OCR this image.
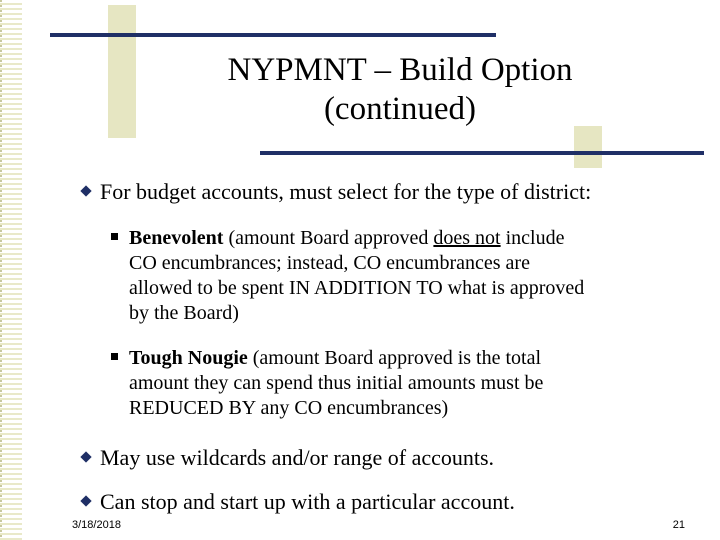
NYPMNT – Build Option
(continued)
For budget accounts, must select for the type of district:
Benevolent (amount Board approved does not include
CO encumbrances; instead, CO encumbrances are
allowed to be spent IN ADDITION TO what is approved
by the Board)
Tough Nougie (amount Board approved is the total
amount they can spend thus initial amounts must be
REDUCED BY any CO encumbrances)
May use wildcards and/or range of accounts.
Can stop and start up with a particular account.
3/18/2018	21
